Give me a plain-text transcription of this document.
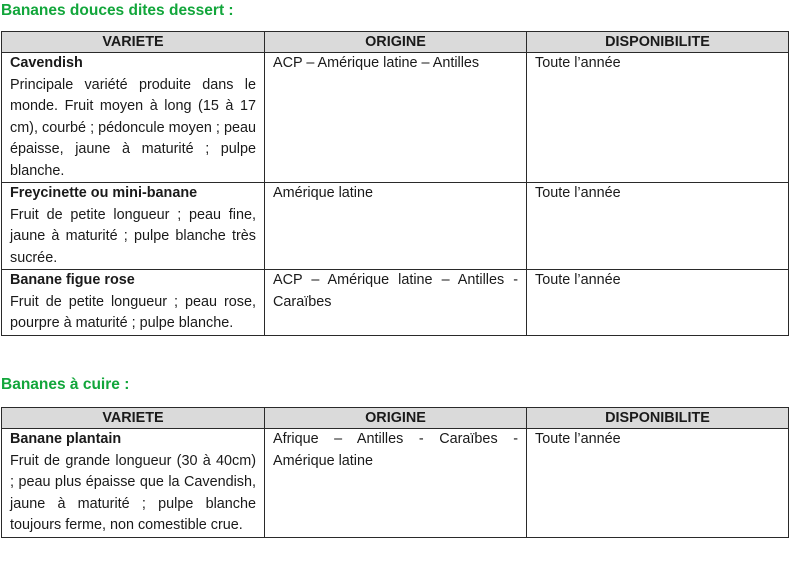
Bananes douces dites dessert :
VARIETE	ORIGINE	DISPONIBILITE

Cavendish
Principale variété produite dans le monde. Fruit moyen à long (15 à 17 cm), courbé ; pédoncule moyen ; peau épaisse, jaune à maturité ; pulpe blanche.	ACP – Amérique latine – Antilles	Toute l’année

Freycinette ou mini-banane
Fruit de petite longueur ; peau fine, jaune à maturité ; pulpe blanche très sucrée.	Amérique latine	Toute l’année

Banane figue rose
Fruit de petite longueur ; peau rose, pourpre à maturité ; pulpe blanche.	ACP – Amérique latine – Antilles - Caraïbes	Toute l’année
Bananes à cuire :
VARIETE	ORIGINE	DISPONIBILITE

Banane plantain
Fruit de grande longueur (30 à 40cm) ; peau plus épaisse que la Cavendish, jaune à maturité ; pulpe blanche toujours ferme, non comestible crue.	Afrique – Antilles - Caraïbes - Amérique latine	Toute l’année
